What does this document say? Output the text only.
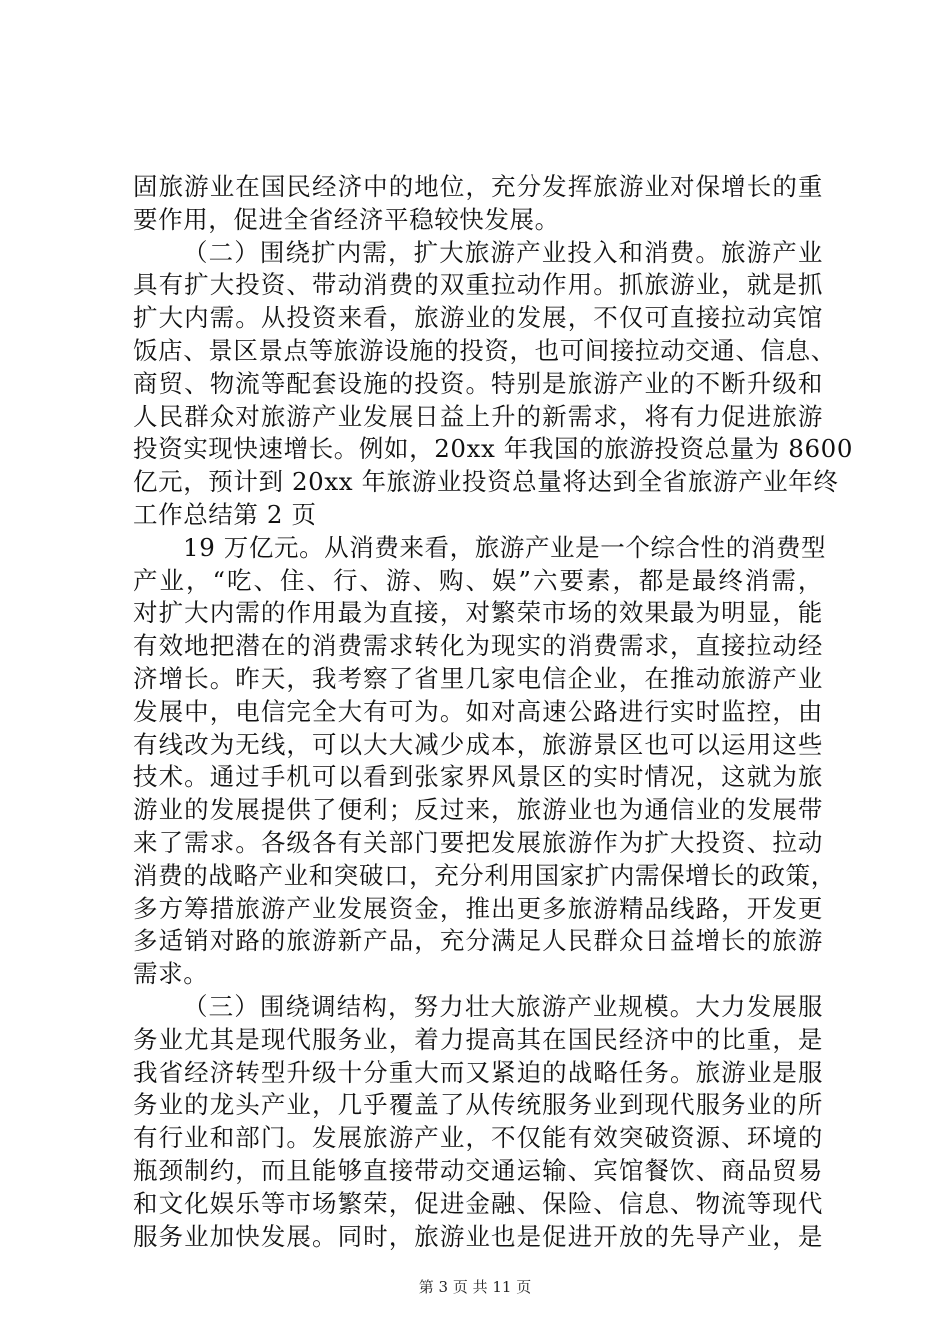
固旅游业在国民经济中的地位，充分发挥旅游业对保增长的重
要作用，促进全省经济平稳较快发展。
（二）围绕扩内需，扩大旅游产业投入和消费。旅游产业
具有扩大投资、带动消费的双重拉动作用。抓旅游业，就是抓
扩大内需。从投资来看，旅游业的发展，不仅可直接拉动宾馆
饭店、景区景点等旅游设施的投资，也可间接拉动交通、信息、
商贸、物流等配套设施的投资。特别是旅游产业的不断升级和
人民群众对旅游产业发展日益上升的新需求，将有力促进旅游
投资实现快速增长。例如，20xx 年我国的旅游投资总量为 8600
亿元，预计到 20xx 年旅游业投资总量将达到全省旅游产业年终
工作总结第 2 页
19 万亿元。从消费来看，旅游产业是一个综合性的消费型
产业，“吃、住、行、游、购、娱”六要素，都是最终消需，
对扩大内需的作用最为直接，对繁荣市场的效果最为明显，能
有效地把潜在的消费需求转化为现实的消费需求，直接拉动经
济增长。昨天，我考察了省里几家电信企业，在推动旅游产业
发展中，电信完全大有可为。如对高速公路进行实时监控，由
有线改为无线，可以大大减少成本，旅游景区也可以运用这些
技术。通过手机可以看到张家界风景区的实时情况，这就为旅
游业的发展提供了便利；反过来，旅游业也为通信业的发展带
来了需求。各级各有关部门要把发展旅游作为扩大投资、拉动
消费的战略产业和突破口，充分利用国家扩内需保增长的政策，
多方筹措旅游产业发展资金，推出更多旅游精品线路，开发更
多适销对路的旅游新产品，充分满足人民群众日益增长的旅游
需求。
（三）围绕调结构，努力壮大旅游产业规模。大力发展服
务业尤其是现代服务业，着力提高其在国民经济中的比重，是
我省经济转型升级十分重大而又紧迫的战略任务。旅游业是服
务业的龙头产业，几乎覆盖了从传统服务业到现代服务业的所
有行业和部门。发展旅游产业，不仅能有效突破资源、环境的
瓶颈制约，而且能够直接带动交通运输、宾馆餐饮、商品贸易
和文化娱乐等市场繁荣，促进金融、保险、信息、物流等现代
服务业加快发展。同时，旅游业也是促进开放的先导产业，是
第 3 页 共 11 页
